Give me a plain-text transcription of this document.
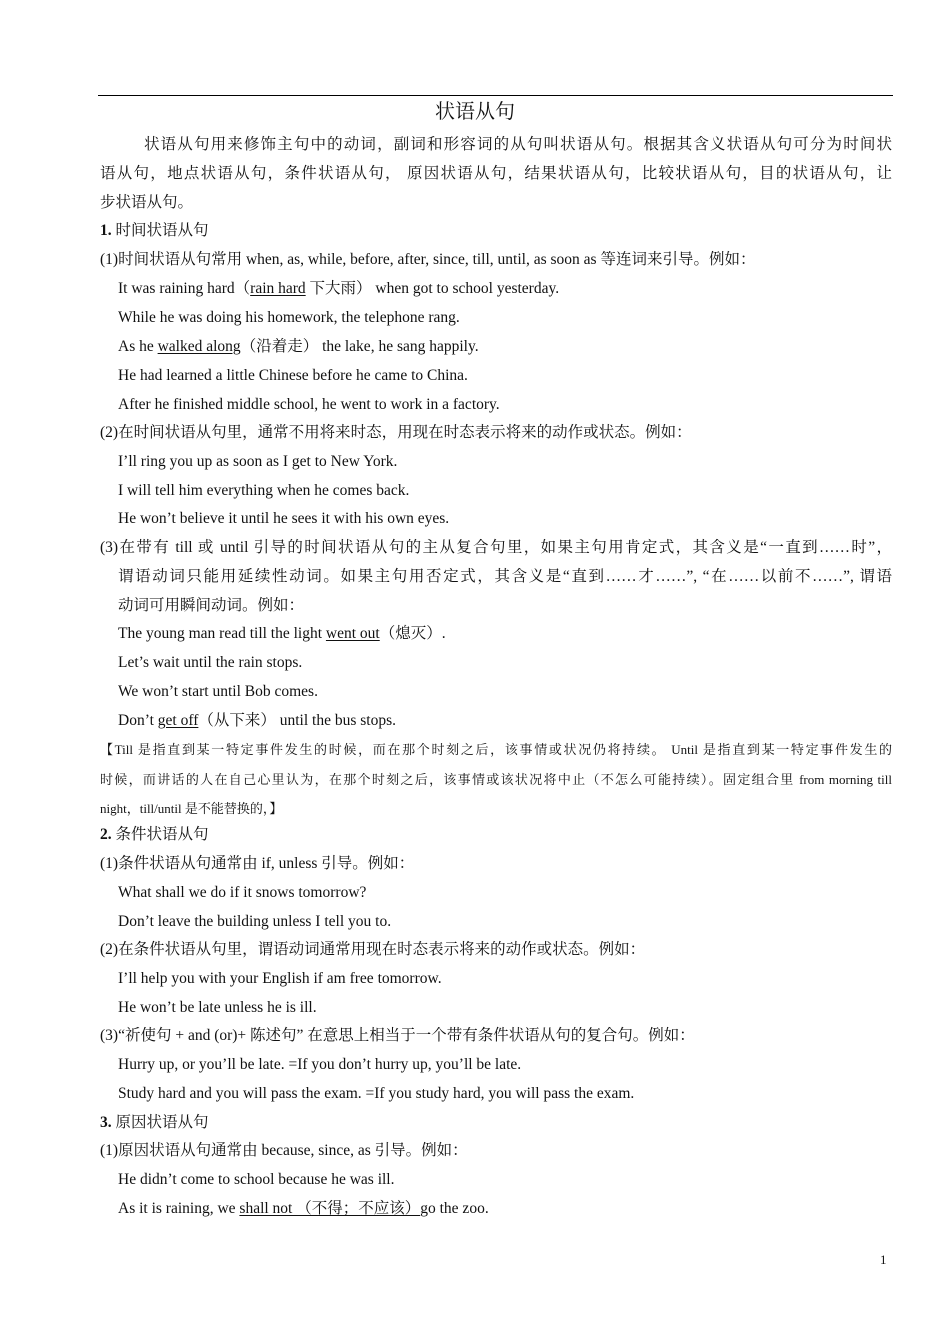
状语从句
状语从句用来修饰主句中的动词，副词和形容词的从句叫状语从句。根据其含义状语从句可分为时间状
语从句，地点状语从句，条件状语从句， 原因状语从句，结果状语从句，比较状语从句，目的状语从句，让
步状语从句。
1. 时间状语从句
(1)时间状语从句常用 when, as, while, before, after, since, till, until, as soon as 等连词来引导。例如：
It was raining hard（rain hard 下大雨） when got to school yesterday.
While he was doing his homework, the telephone rang.
As he walked along（沿着走） the lake, he sang happily.
He had learned a little Chinese before he came to China.
After he finished middle school, he went to work in a factory.
(2)在时间状语从句里，通常不用将来时态，用现在时态表示将来的动作或状态。例如：
I’ll ring you up as soon as I get to New York.
I will tell him everything when he comes back.
He won’t believe it until he sees it with his own eyes.
(3)在带有 till 或 until 引导的时间状语从句的主从复合句里，如果主句用肯定式，其含义是“一直到……时”，
谓语动词只能用延续性动词。如果主句用否定式，其含义是“直到……才……”, “在……以前不……”, 谓语
动词可用瞬间动词。例如：
The young man read till the light went out（熄灭）.
Let’s wait until the rain stops.
We won’t start until Bob comes.
Don’t get off（从下来） until the bus stops.
【Till 是指直到某一特定事件发生的时候，而在那个时刻之后，该事情或状况仍将持续。 Until 是指直到某一特定事件发生的
时候，而讲话的人在自己心里认为，在那个时刻之后，该事情或该状况将中止（不怎么可能持续）。固定组合里 from morning till
night，till/until 是不能替换的，】
2. 条件状语从句
(1)条件状语从句通常由 if, unless 引导。例如：
What shall we do if it snows tomorrow?
Don’t leave the building unless I tell you to.
(2)在条件状语从句里，谓语动词通常用现在时态表示将来的动作或状态。例如：
I’ll help you with your English if am free tomorrow.
He won’t be late unless he is ill.
(3)“祈使句 + and (or)+ 陈述句” 在意思上相当于一个带有条件状语从句的复合句。例如：
Hurry up, or you’ll be late. =If you don’t hurry up, you’ll be late.
Study hard and you will pass the exam. =If you study hard, you will pass the exam.
3. 原因状语从句
(1)原因状语从句通常由 because, since, as 引导。例如：
He didn’t come to school because he was ill.
As it is raining, we shall not （不得；不应该）go the zoo.
1
